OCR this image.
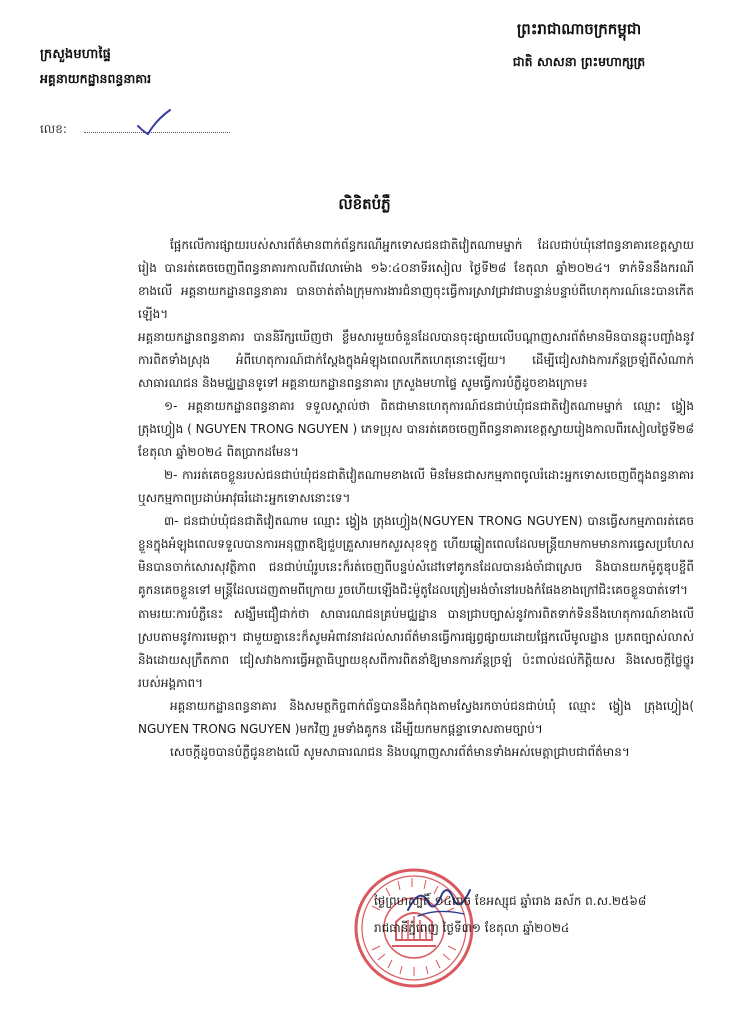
ក្រសួងមហាផ្ទៃ
អគ្គនាយកដ្ឋានពន្ធនាគារ
លេខ:
ព្រះរាជាណាចក្រកម្ពុជា
ជាតិ សាសនា ព្រះមហាក្សត្រ
លិខិតបំភ្លឺ

ផ្អែកលើការផ្សាយរបស់សារព័ត៌មានពាក់ព័ន្ធករណីអ្នកទោសជនជាតិវៀតណាមម្នាក់ ដែលជាប់ឃុំនៅពន្ធនាគារខេត្តស្វាយរៀង បានរត់គេចចេញពីពន្ធនាគារកាលពីវេលាម៉ោង ១៦:៤០នាទីរសៀល ថ្ងៃទី២៨ ខែតុលា ឆ្នាំ២០២៤។ ទាក់ទិននឹងករណីខាងលើ អគ្គនាយកដ្ឋានពន្ធនាគារ បានចាត់តាំងក្រុមការងារជំនាញចុះធ្វើការស្រាវជ្រាវជាបន្ទាន់បន្ទាប់ពីហេតុការណ៍នេះបានកើតឡើង។

អគ្គនាយកដ្ឋានពន្ធនាគារ បាននិរីក្សឃើញថា ខ្លឹមសារមួយចំនួនដែលបានចុះផ្សាយលើបណ្ដាញសារព័ត៌មានមិនបានឆ្លុះបញ្ចាំងនូវការពិតទាំងស្រុង អំពីហេតុការណ៍ជាក់ស្ដែងក្នុងអំឡុងពេលកើតហេតុនោះឡើយ។ ដើម្បីជៀសវាងការភ័ន្តច្រឡំពីសំណាក់សាធារណជន និងមជ្ឈដ្ឋានទូទៅ អគ្គនាយកដ្ឋានពន្ធនាគារ ក្រសួងមហាផ្ទៃ សូមធ្វើការបំភ្លឺដូចខាងក្រោម៖

១- អគ្គនាយកដ្ឋានពន្ធនាគារ ទទួលស្គាល់ថា ពិតជាមានហេតុការណ៍ជនជាប់ឃុំជនជាតិវៀតណាមម្នាក់ ឈ្មោះ ង្វៀង ត្រុងហ្វៀង ( NGUYEN TRONG NGUYEN ) ភេទប្រុស បានរត់គេចចេញពីពន្ធនាគារខេត្តស្វាយរៀងកាលពីរសៀលថ្ងៃទី២៨ ខែតុលា ឆ្នាំ២០២៤ ពិតប្រាកដមែន។

២- ការរត់គេចខ្លួនរបស់ជនជាប់ឃុំជនជាតិវៀតណាមខាងលើ មិនមែនជាសកម្មភាពចូលរំដោះអ្នកទោសចេញពីក្នុងពន្ធនាគារ ឬសកម្មភាពប្រដាប់អាវុធរំដោះអ្នកទោសនោះទេ។

៣- ជនជាប់ឃុំជនជាតិវៀតណាម ឈ្មោះ ង្វៀង ត្រុងហ្វៀង(NGUYEN TRONG NGUYEN) បានធ្វើសកម្មភាពរត់គេចខ្លួនក្នុងអំឡុងពេលទទួលបានការអនុញ្ញាតឱ្យជួបគ្រួសារមកសួរសុខទុក្ខ ហើយឆ្លៀតពេលដែលមន្ត្រីយាមកាមមានការធ្វេសប្រហែសមិនបានចាក់សោរសុវត្ថិភាព ជនជាប់ឃុំរូបនេះក៏រត់ចេញពីបន្ទប់សំដៅទៅគូកនដែលបានរង់ចាំជាស្រេច និងបានយកម៉ូតូឌុបខ្ចីពីគូកនគេចខ្លួនទៅ មន្ត្រីដែលដេញតាមពីក្រោយ រួចហើយឡើងជិះម៉ូតូដែលត្រៀមរង់ចាំនៅរបងកំផែងខាងក្រៅជិះគេចខ្លួនបាត់ទៅ។

តាមរយៈការបំភ្លឺនេះ សង្ឃឹមជឿជាក់ថា សាធារណជនគ្រប់មជ្ឈដ្ឋាន បានជ្រាបច្បាស់នូវការពិតទាក់ទិននឹងហេតុការណ៍ខាងលើ ស្របតាមនូវការមេត្តា។ ជាមួយគ្នានេះក៏សូមអំពាវនាវដល់សារព័ត៌មានធ្វើការផ្សព្វផ្សាយដោយផ្អែកលើមូលដ្ឋាន ប្រភពច្បាស់លាស់ និងដោយសុក្រឹតភាព ជៀសវាងការធ្វើអត្ថាធិប្បាយខុសពីការពិតនាំឱ្យមានការភ័ន្តច្រឡំ ប៉ះពាល់ដល់កិត្តិយស និងសេចក្ដីថ្លៃថ្នូររបស់អង្គភាព។

អគ្គនាយកដ្ឋានពន្ធនាគារ និងសមត្ថកិច្ចពាក់ព័ន្ធបាននឹងកំពុងតាមស្វែងរកចាប់ជនជាប់ឃុំ ឈ្មោះ ង្វៀង ត្រុងហ្វៀង( NGUYEN TRONG NGUYEN )មកវិញ រួមទាំងគូកន ដើម្បីយកមកផ្ដន្ទាទោសតាមច្បាប់។

សេចក្ដីដូចបានបំភ្លឺជូនខាងលើ សូមសាធារណជន និងបណ្ដាញសារព័ត៌មានទាំងអស់មេត្តាជ្រាបជាព័ត៌មាន។

ថ្ងៃព្រហស្បតិ៍ ១៤រោច ខែអស្សុជ ឆ្នាំរោង ឆស័ក ព.ស.២៥៦៨
រាជធានីភ្នំពេញ ថ្ងៃទី៣១ ខែតុលា ឆ្នាំ២០២៤
